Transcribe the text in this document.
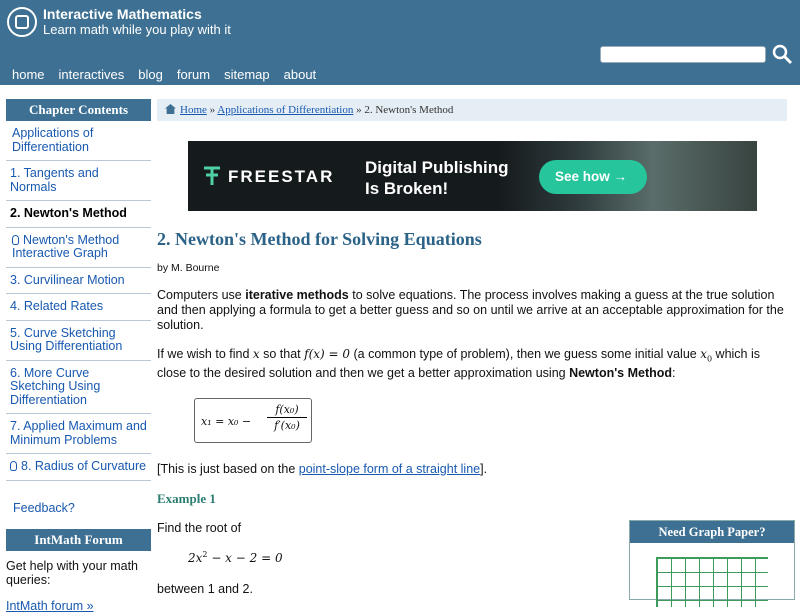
Interactive Mathematics
Learn math while you play with it
home interactives blog forum sitemap about
Chapter Contents
Applications of Differentiation
1. Tangents and Normals
2. Newton's Method
Newton's Method Interactive Graph
3. Curvilinear Motion
4. Related Rates
5. Curve Sketching Using Differentiation
6. More Curve Sketching Using Differentiation
7. Applied Maximum and Minimum Problems
8. Radius of Curvature
Feedback?
IntMath Forum
Get help with your math queries:
IntMath forum »
Home » Applications of Differentiation » 2. Newton's Method
FREESTAR Digital Publishing
Is Broken!
See how →
2. Newton's Method for Solving Equations
by M. Bourne
Computers use iterative methods to solve equations. The process involves making a guess at the true solution and then applying a formula to get a better guess and so on until we arrive at an acceptable approximation for the solution.
If we wish to find x so that f(x) = 0 (a common type of problem), then we guess some initial value $x_0$ which is close to the desired solution and then we get a better approximation using Newton's Method:
x₁ = x₀ −
f(x₀)
f′(x₀)
[This is just based on the point-slope form of a straight line].
Example 1
Find the root of
$2x^2 - x - 2 = 0$
between 1 and 2.
Need Graph Paper?
